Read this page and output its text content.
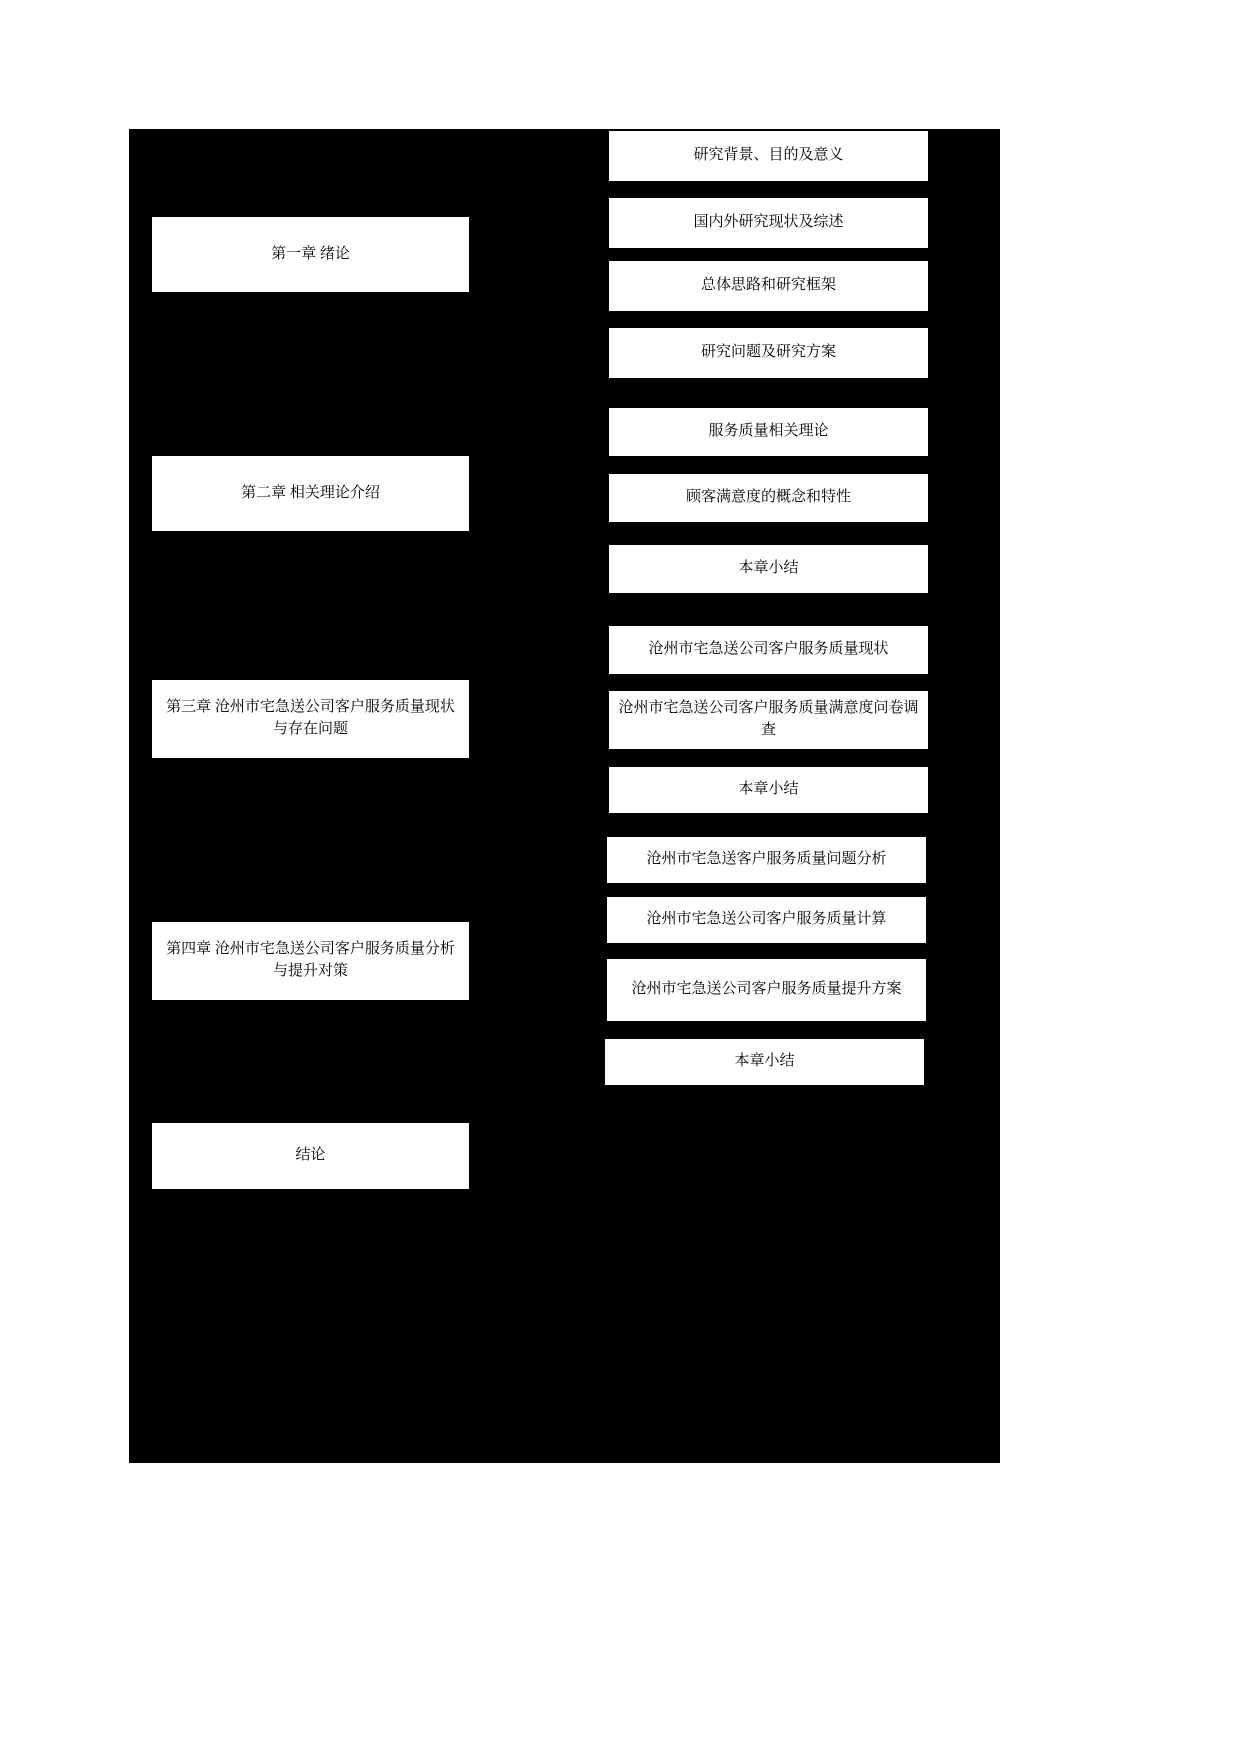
第一章 绪论
第二章 相关理论介绍
第三章 沧州市宅急送公司客户服务质量现状与存在问题
第四章 沧州市宅急送公司客户服务质量分析与提升对策
结论
研究背景、目的及意义
国内外研究现状及综述
总体思路和研究框架
研究问题及研究方案
服务质量相关理论
顾客满意度的概念和特性
本章小结
沧州市宅急送公司客户服务质量现状
沧州市宅急送公司客户服务质量满意度问卷调查
本章小结
沧州市宅急送客户服务质量问题分析
沧州市宅急送公司客户服务质量计算
沧州市宅急送公司客户服务质量提升方案
本章小结
